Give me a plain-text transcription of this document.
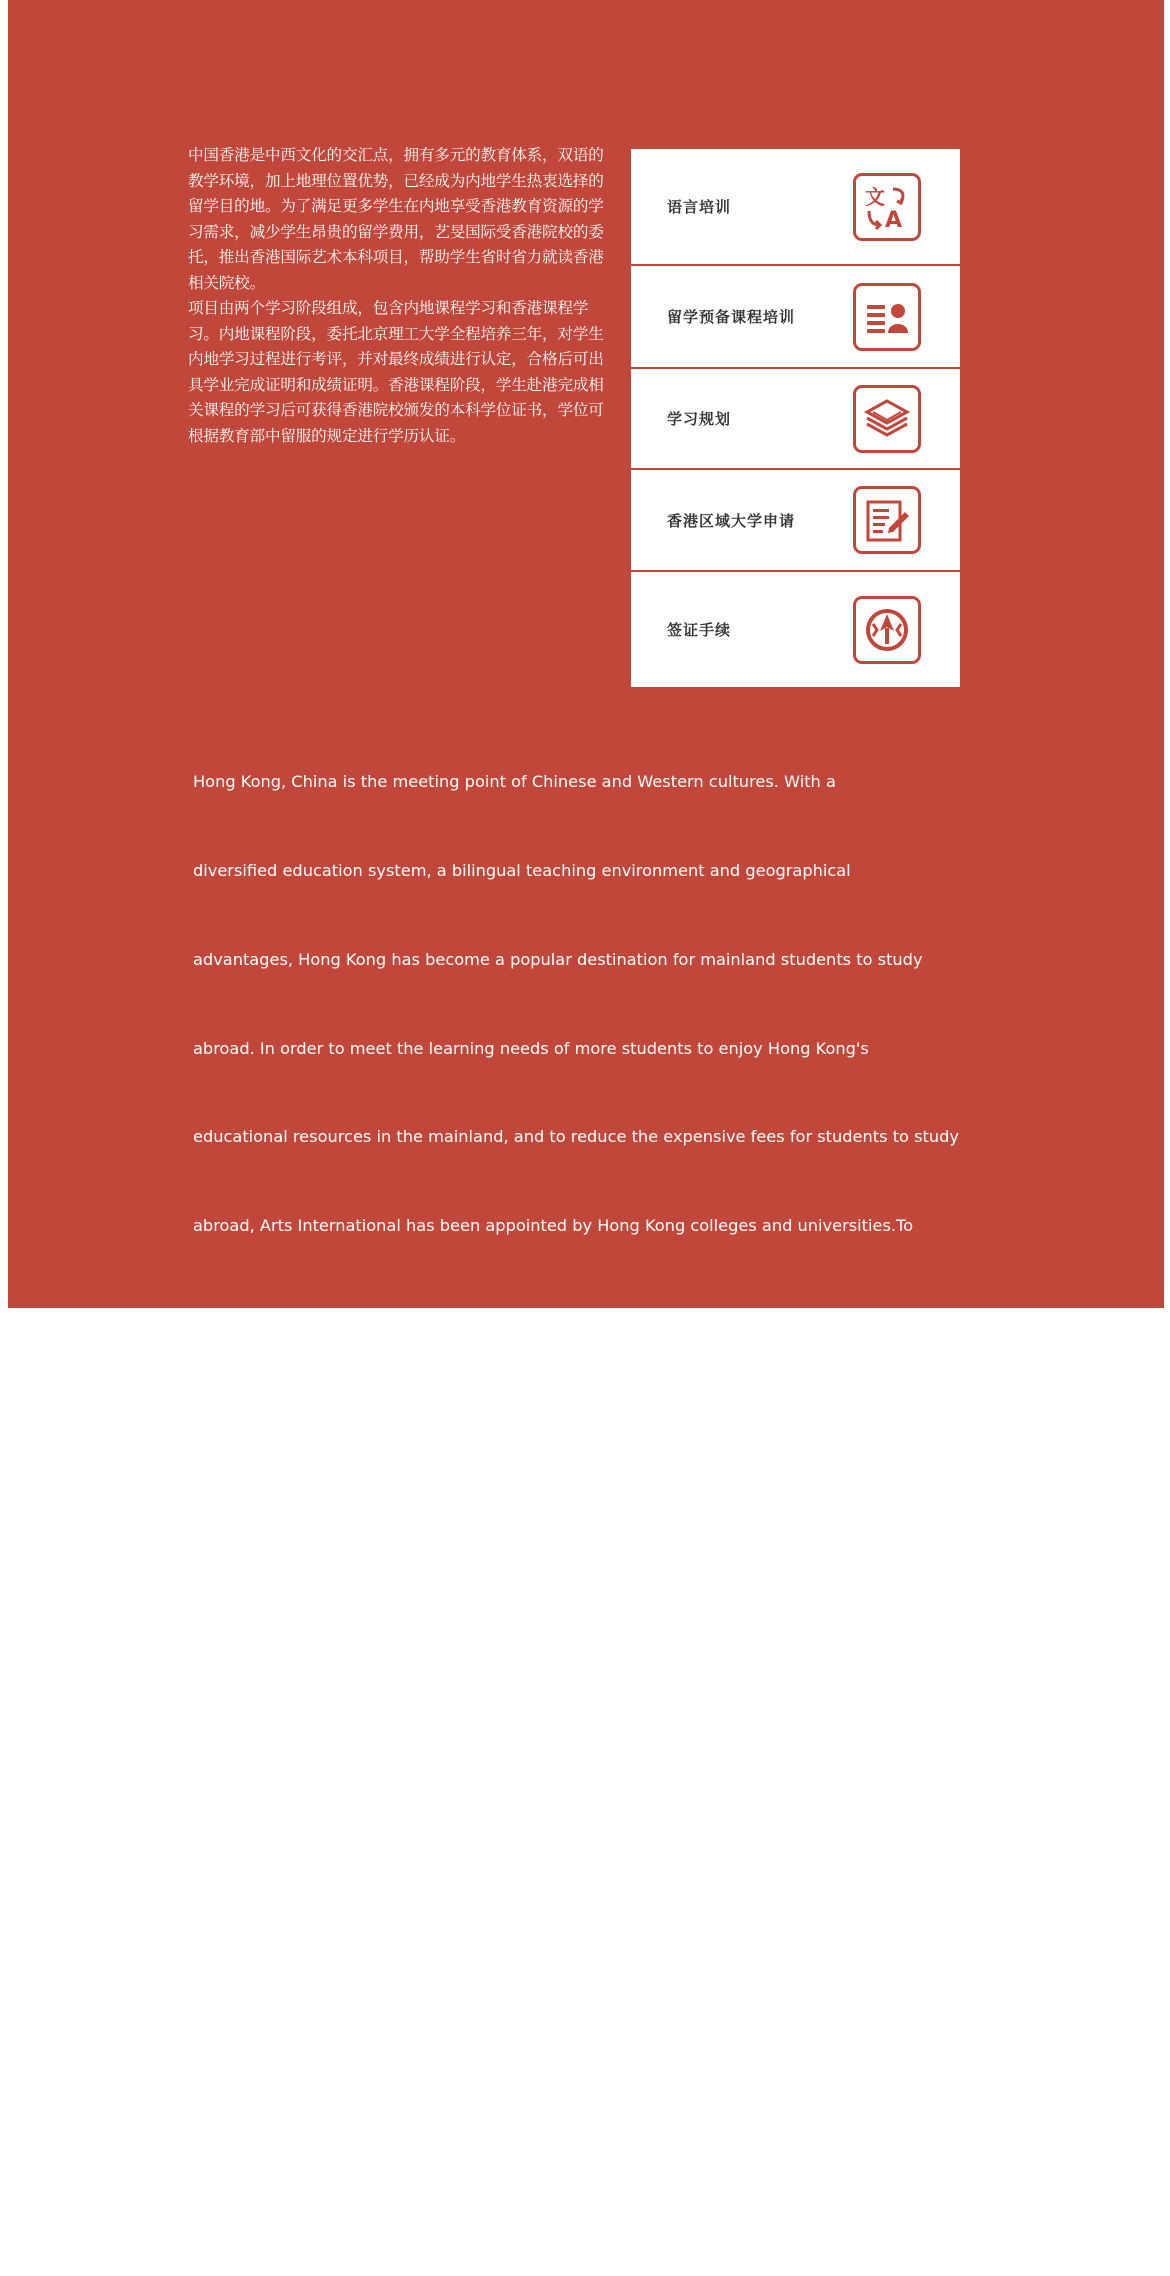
中国香港是中西文化的交汇点，拥有多元的教育体系，双语的教学环境，加上地理位置优势，已经成为内地学生热衷选择的留学目的地。为了满足更多学生在内地享受香港教育资源的学习需求，减少学生昂贵的留学费用，艺旻国际受香港院校的委托，推出香港国际艺术本科项目，帮助学生省时省力就读香港相关院校。

项目由两个学习阶段组成，包含内地课程学习和香港课程学习。内地课程阶段，委托北京理工大学全程培养三年，对学生内地学习过程进行考评，并对最终成绩进行认定，合格后可出具学业完成证明和成绩证明。香港课程阶段，学生赴港完成相关课程的学习后可获得香港院校颁发的本科学位证书，学位可根据教育部中留服的规定进行学历认证。

语言培训	文
A
留学预备课程培训
学习规划
香港区域大学申请
签证手续

Hong Kong, China is the meeting point of Chinese and Western cultures. With a

diversified education system, a bilingual teaching environment and geographical

advantages, Hong Kong has become a popular destination for mainland students to study

abroad. In order to meet the learning needs of more students to enjoy Hong Kong's

educational resources in the mainland, and to reduce the expensive fees for students to study

abroad, Arts International has been appointed by Hong Kong colleges and universities.To

launch the Hong Kong International Art undergraduate Program to help students save time

and effort to study in relevant institutions in Hong Kong.

The project consists of two learning stages, including mainland course study and Hong Kong

course study. In the mainland course stage, Beijing Institute of Technology will be entrusted

with the whole training for three years to evaluate the students' learning

process in the mainland and determine their final scores. Certificates of academic

completion and achievement can be issued after passing the qualification. At the stage of the

Hong Kong course, students come to Hong Kong to complete related courses.

After studying, Cheng can obtain an undergraduate degree certificate issued by a Hong Kong

university, and the degree can be admitted in accordance with the requirements of the

Ministry of Education.Yes, academic certification.
